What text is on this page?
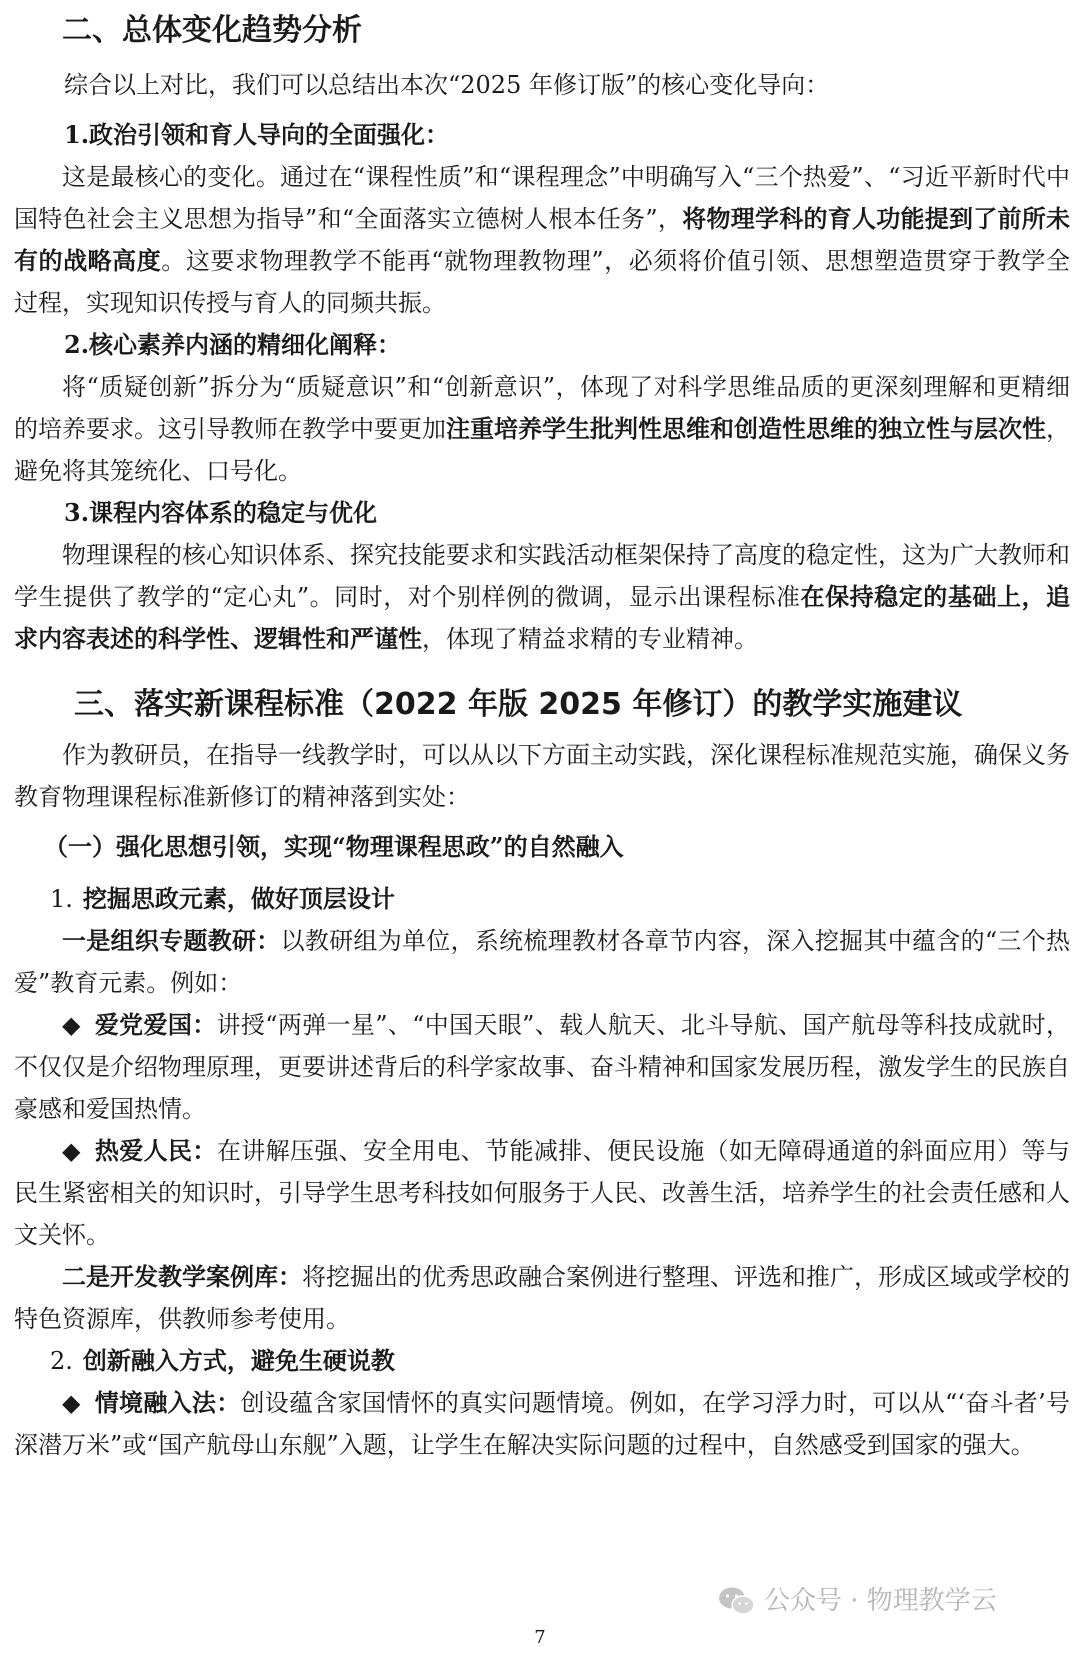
二、总体变化趋势分析

综合以上对比，我们可以总结出本次“2025 年修订版”的核心变化导向：

1.政治引领和育人导向的全面强化：

这是最核心的变化。通过在“课程性质”和“课程理念”中明确写入“三个热爱”、“习近平新时代中国特色社会主义思想为指导”和“全面落实立德树人根本任务”，将物理学科的育人功能提到了前所未有的战略高度。这要求物理教学不能再“就物理教物理”，必须将价值引领、思想塑造贯穿于教学全过程，实现知识传授与育人的同频共振。

2.核心素养内涵的精细化阐释：

将“质疑创新”拆分为“质疑意识”和“创新意识”，体现了对科学思维品质的更深刻理解和更精细的培养要求。这引导教师在教学中要更加注重培养学生批判性思维和创造性思维的独立性与层次性，避免将其笼统化、口号化。

3.课程内容体系的稳定与优化

物理课程的核心知识体系、探究技能要求和实践活动框架保持了高度的稳定性，这为广大教师和学生提供了教学的“定心丸”。同时，对个别样例的微调，显示出课程标准在保持稳定的基础上，追求内容表述的科学性、逻辑性和严谨性，体现了精益求精的专业精神。

三、落实新课程标准（2022 年版 2025 年修订）的教学实施建议

作为教研员，在指导一线教学时，可以从以下方面主动实践，深化课程标准规范实施，确保义务教育物理课程标准新修订的精神落到实处：

（一）强化思想引领，实现“物理课程思政”的自然融入

1. 挖掘思政元素，做好顶层设计

一是组织专题教研：以教研组为单位，系统梳理教材各章节内容，深入挖掘其中蕴含的“三个热爱”教育元素。例如：

◆ 爱党爱国：讲授“两弹一星”、“中国天眼”、载人航天、北斗导航、国产航母等科技成就时，不仅仅是介绍物理原理，更要讲述背后的科学家故事、奋斗精神和国家发展历程，激发学生的民族自豪感和爱国热情。

◆ 热爱人民：在讲解压强、安全用电、节能减排、便民设施（如无障碍通道的斜面应用）等与民生紧密相关的知识时，引导学生思考科技如何服务于人民、改善生活，培养学生的社会责任感和人文关怀。

二是开发教学案例库：将挖掘出的优秀思政融合案例进行整理、评选和推广，形成区域或学校的特色资源库，供教师参考使用。

2. 创新融入方式，避免生硬说教

◆ 情境融入法：创设蕴含家国情怀的真实问题情境。例如，在学习浮力时，可以从“‘奋斗者’号深潜万米”或“国产航母山东舰”入题，让学生在解决实际问题的过程中，自然感受到国家的强大。

公众号 · 物理教学云
7
